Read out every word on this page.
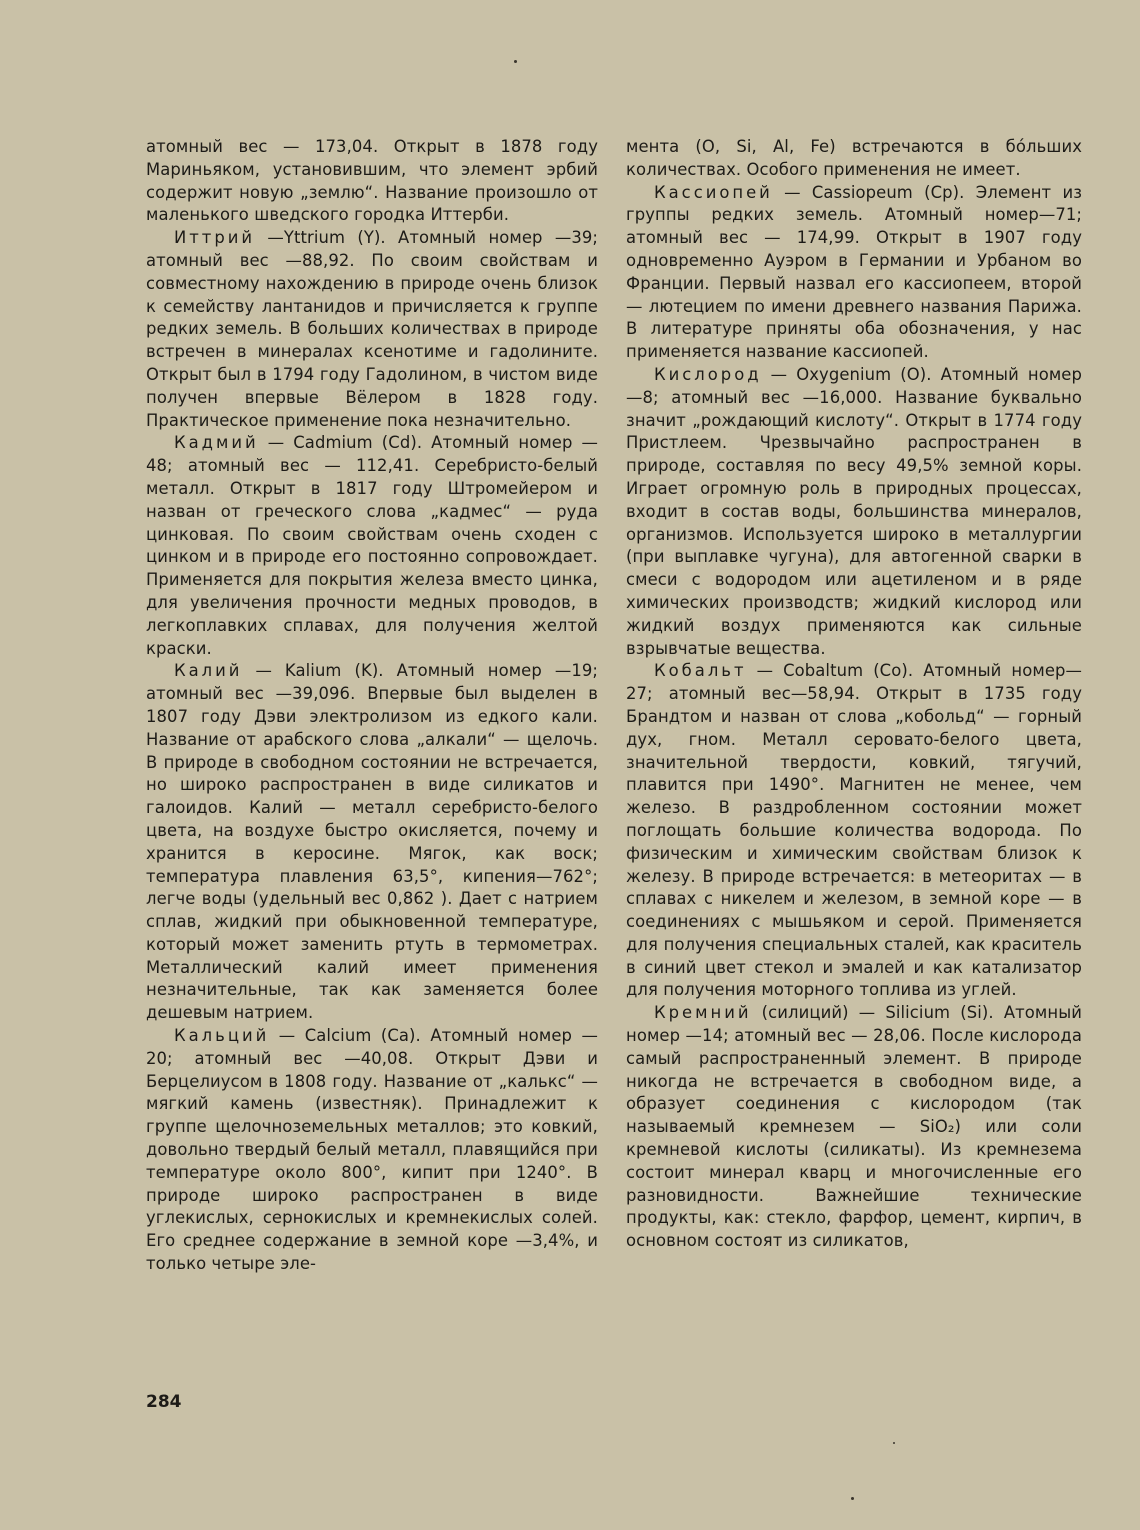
атомный вес — 173,04. Открыт в 1878 году Мариньяком, установившим, что элемент эрбий содержит новую „землю“. Название произошло от маленького шведского городка Иттерби.

Иттрий —Yttrium (Y). Атомный номер —39; атомный вес —88,92. По своим свойствам и совместному нахождению в природе очень близок к семейству лантанидов и причисляется к группе редких земель. В больших количествах в природе встречен в минералах ксенотиме и гадолините. Открыт был в 1794 году Гадолином, в чистом виде получен впервые Вёлером в 1828 году. Практическое применение пока незначительно.

Кадмий — Cadmium (Cd). Атомный номер —48; атомный вес — 112,41. Серебристо-белый металл. Открыт в 1817 году Штромейером и назван от греческого слова „кадмес“ — руда цинковая. По своим свойствам очень сходен с цинком и в природе его постоянно сопровождает. Применяется для покрытия железа вместо цинка, для увеличения прочности медных проводов, в легкоплавких сплавах, для получения желтой краски.

Калий — Kalium (K). Атомный номер —19; атомный вес —39,096. Впервые был выделен в 1807 году Дэви электролизом из едкого кали. Название от арабского слова „алкали“ — щелочь. В природе в свободном состоянии не встречается, но широко распространен в виде силикатов и галоидов. Калий — металл серебристо-белого цвета, на воздухе быстро окисляется, почему и хранится в керосине. Мягок, как воск; температура плавления 63,5°, кипения—762°; легче воды (удельный вес 0,862 ). Дает с натрием сплав, жидкий при обыкновенной температуре, который может заменить ртуть в термометрах. Металлический калий имеет применения незначительные, так как заменяется более дешевым натрием.

Кальций — Calcium (Ca). Атомный номер — 20; атомный вес —40,08. Открыт Дэви и Берцелиусом в 1808 году. Название от „калькс“ — мягкий камень (известняк). Принадлежит к группе щелочноземельных металлов; это ковкий, довольно твердый белый металл, плавящийся при температуре около 800°, кипит при 1240°. В природе широко распространен в виде углекислых, сернокислых и кремнекислых солей. Его среднее содержание в земной коре —3,4%, и только четыре эле-

мента (O, Si, Al, Fe) встречаются в бóльших количествах. Особого применения не имеет.

Кассиопей — Cassiopeum (Cp). Элемент из группы редких земель. Атомный номер—71; атомный вес — 174,99. Открыт в 1907 году одновременно Ауэром в Германии и Урбаном во Франции. Первый назвал его кассиопеем, второй — лютецием по имени древнего названия Парижа. В литературе приняты оба обозначения, у нас применяется название кассиопей.

Кислород — Oxygenium (O). Атомный номер —8; атомный вес —16,000. Название буквально значит „рождающий кислоту“. Открыт в 1774 году Пристлеем. Чрезвычайно распространен в природе, составляя по весу 49,5% земной коры. Играет огромную роль в природных процессах, входит в состав воды, большинства минералов, организмов. Используется широко в металлургии (при выплавке чугуна), для автогенной сварки в смеси с водородом или ацетиленом и в ряде химических производств; жидкий кислород или жидкий воздух применяются как сильные взрывчатые вещества.

Кобальт — Cobaltum (Co). Атомный номер—27; атомный вес—58,94. Открыт в 1735 году Брандтом и назван от слова „кобольд“ — горный дух, гном. Металл серовато-белого цвета, значительной твердости, ковкий, тягучий, плавится при 1490°. Магнитен не менее, чем железо. В раздробленном состоянии может поглощать большие количества водорода. По физическим и химическим свойствам близок к железу. В природе встречается: в метеоритах — в сплавах с никелем и железом, в земной коре — в соединениях с мышьяком и серой. Применяется для получения специальных сталей, как краситель в синий цвет стекол и эмалей и как катализатор для получения моторного топлива из углей.

Кремний (силиций) — Silicium (Si). Атомный номер —14; атомный вес — 28,06. После кислорода самый распространенный элемент. В природе никогда не встречается в свободном виде, а образует соединения с кислородом (так называемый кремнезем — SiO₂) или соли кремневой кислоты (силикаты). Из кремнезема состоит минерал кварц и многочисленные его разновидности. Важнейшие технические продукты, как: стекло, фарфор, цемент, кирпич, в основном состоят из силикатов,

284
